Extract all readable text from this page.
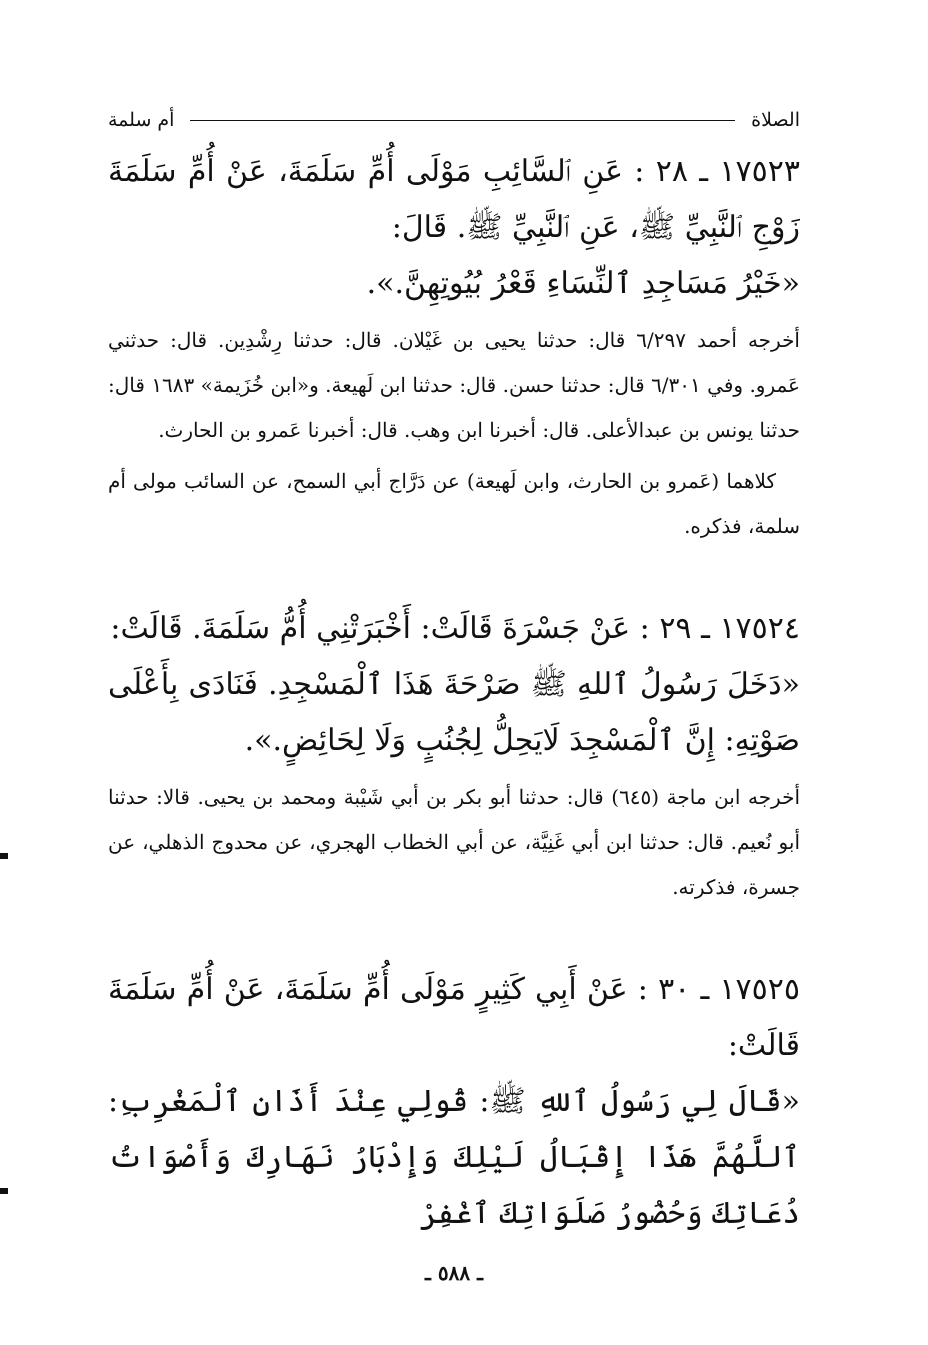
الصلاة
أم سلمة

١٧٥٢٣ ـ ٢٨ : عَنِ ٱلسَّائِبِ مَوْلَى أُمِّ سَلَمَةَ، عَنْ أُمِّ سَلَمَةَ زَوْجِ ٱلنَّبِيِّ ﷺ، عَنِ ٱلنَّبِيِّ ﷺ. قَالَ:
«خَيْرُ مَسَاجِدِ ٱلنِّسَاءِ قَعْرُ بُيُوتِهِنَّ.».

أخرجه أحمد ٦/٢٩٧ قال: حدثنا يحيى بن غَيْلان. قال: حدثنا رِشْدِين. قال: حدثني عَمرو. وفي ٦/٣٠١ قال: حدثنا حسن. قال: حدثنا ابن لَهيعة. و«ابن خُزَيمة» ١٦٨٣ قال: حدثنا يونس بن عبدالأعلى. قال: أخبرنا ابن وهب. قال: أخبرنا عَمرو بن الحارث.

كلاهما (عَمرو بن الحارث، وابن لَهيعة) عن دَرَّاج أبي السمح، عن السائب مولى أم سلمة، فذكره.

١٧٥٢٤ ـ ٢٩ : عَنْ جَسْرَةَ قَالَتْ: أَخْبَرَتْنِي أُمُّ سَلَمَةَ. قَالَتْ:
«دَخَلَ رَسُولُ ٱللهِ ﷺ صَرْحَةَ هَذَا ٱلْمَسْجِدِ. فَنَادَى بِأَعْلَى صَوْتِهِ: إِنَّ ٱلْمَسْجِدَ لَايَحِلُّ لِجُنُبٍ وَلَا لِحَائِضٍ.».

أخرجه ابن ماجة (٦٤٥) قال: حدثنا أبو بكر بن أبي شَيْبة ومحمد بن يحيى. قالا: حدثنا أبو نُعيم. قال: حدثنا ابن أبي غَنِيَّة، عن أبي الخطاب الهجري، عن محدوج الذهلي، عن جسرة، فذكرته.

١٧٥٢٥ ـ ٣٠ : عَنْ أَبِي كَثِيرٍ مَوْلَى أُمِّ سَلَمَةَ، عَنْ أُمِّ سَلَمَةَ قَالَتْ:
«قَالَ لِي رَسُولُ ٱللهِ ﷺ: قُولِي عِنْدَ أَذَانِ ٱلْمَغْرِبِ: ٱللَّهُمَّ هَذَا إِقْبَالُ لَيْلِكَ وَإِدْبَارُ نَهَارِكَ وَأَصْوَاتُ دُعَاتِكَ وَحُضُورُ صَلَوَاتِكَ ٱغْفِرْ

ـ ٥٨٨ ـ
